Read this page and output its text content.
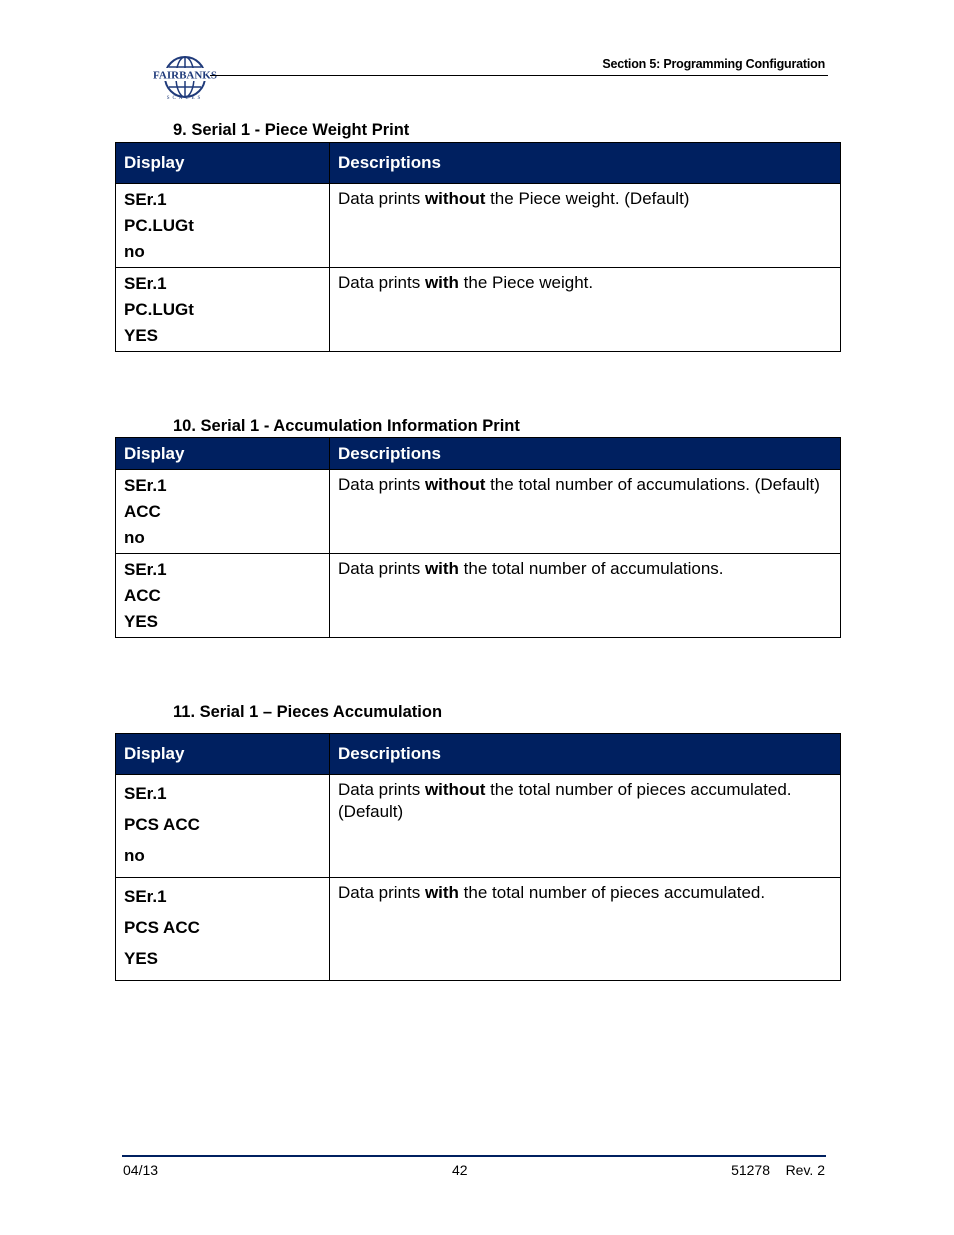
FAIRBANKS
SCALES
Section 5: Programming Configuration
9. Serial 1 - Piece Weight Print
Display	Descriptions

SEr.1
PC.LUGt
no	Data prints without the Piece weight. (Default)

SEr.1
PC.LUGt
YES	Data prints with the Piece weight.
10. Serial 1 - Accumulation Information Print
Display	Descriptions

SEr.1
ACC
no	Data prints without the total number of accumulations. (Default)

SEr.1
ACC
YES	Data prints with the total number of accumulations.
11. Serial 1 – Pieces Accumulation
Display	Descriptions

SEr.1
PCS ACC
no	Data prints without the total number of pieces accumulated. (Default)

SEr.1
PCS ACC
YES	Data prints with the total number of pieces accumulated.
04/13	42	51278    Rev. 2
